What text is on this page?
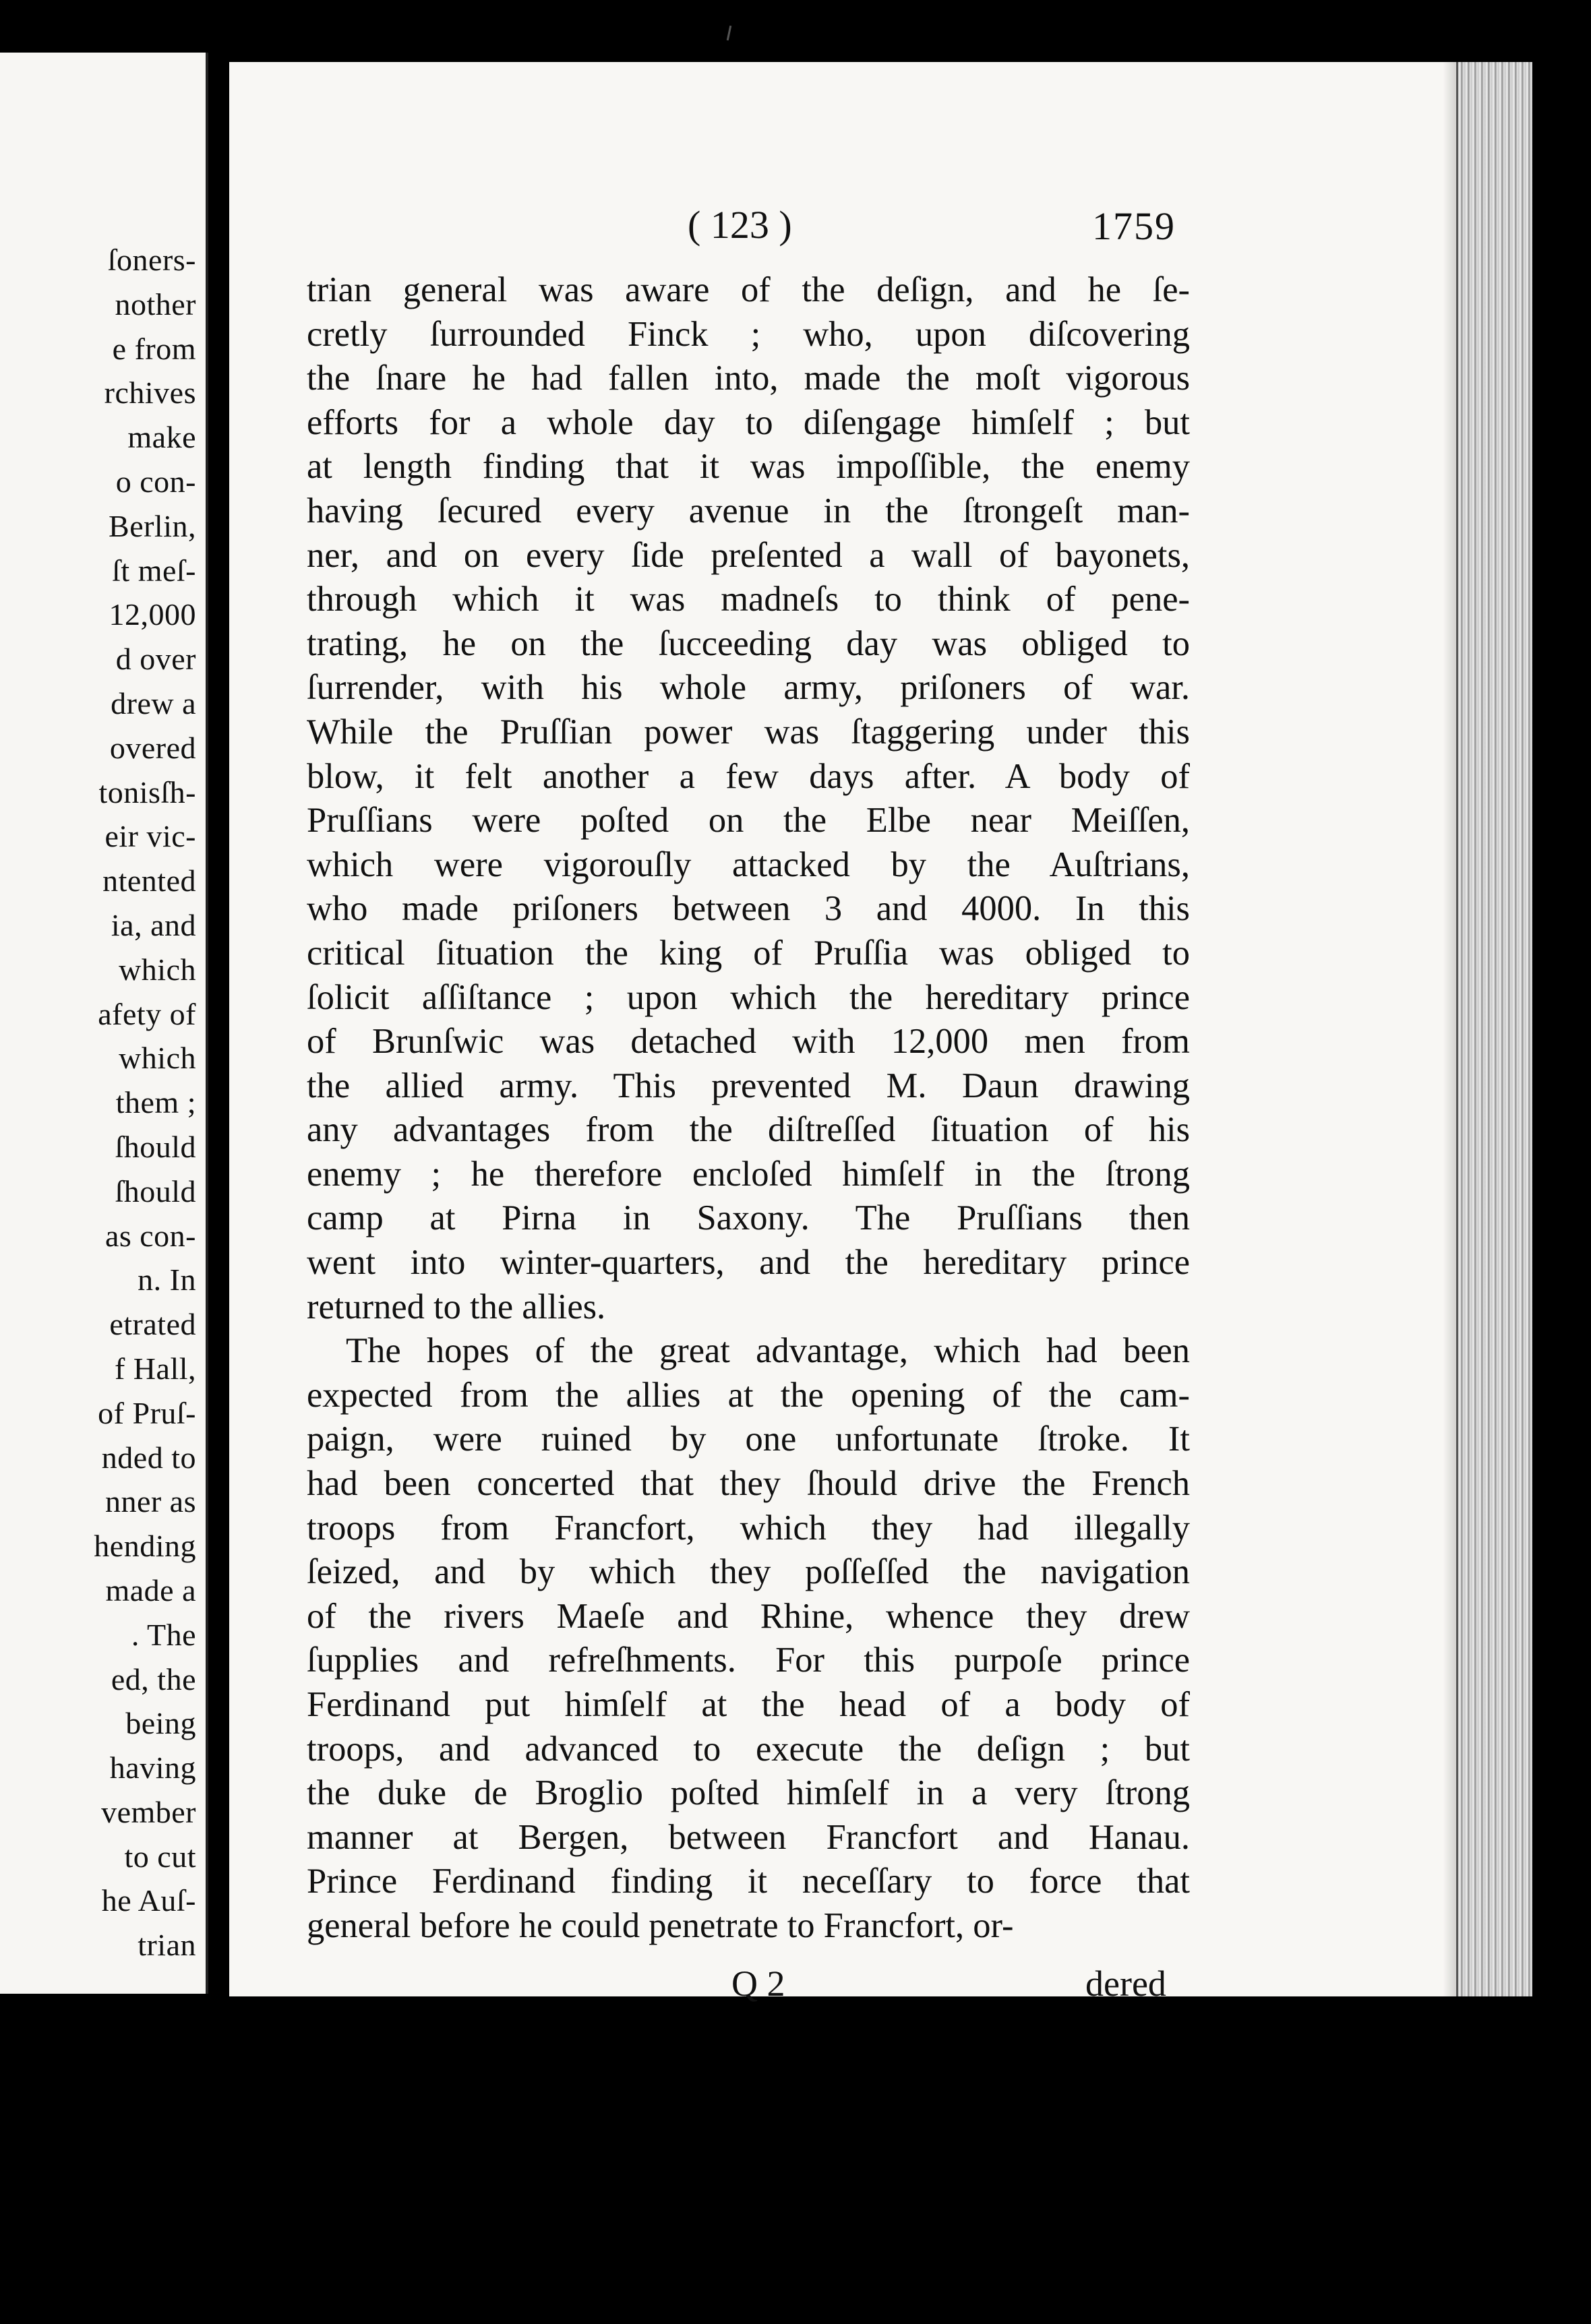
ſoners-
nother
e from
rchives
make
o con-
Berlin,
ſt meſ-
12,000
d over
drew a
overed
tonisſh-
eir vic-
ntented
ia, and
which
afety of
which
them ;
ſhould
ſhould
as con-
n. In
etrated
f Hall,
of Pruſ-
nded to
nner as
hending
made a
. The
ed, the
being
having
vember
to cut
he Auſ-
trian
( 123 )	1759
trian general was aware of the deſign, and he ſe-
cretly ſurrounded Finck ; who, upon diſcovering
the ſnare he had fallen into, made the moſt vigorous
efforts for a whole day to diſengage himſelf ; but
at length finding that it was impoſſible, the enemy
having ſecured every avenue in the ſtrongeſt man-
ner, and on every ſide preſented a wall of bayonets,
through which it was madneſs to think of pene-
trating, he on the ſucceeding day was obliged to
ſurrender, with his whole army, priſoners of war.
While the Pruſſian power was ſtaggering under this
blow, it felt another a few days after. A body of
Pruſſians were poſted on the Elbe near Meiſſen,
which were vigorouſly attacked by the Auſtrians,
who made priſoners between 3 and 4000. In this
critical ſituation the king of Pruſſia was obliged to
ſolicit aſſiſtance ; upon which the hereditary prince
of Brunſwic was detached with 12,000 men from
the allied army. This prevented M. Daun drawing
any advantages from the diſtreſſed ſituation of his
enemy ; he therefore encloſed himſelf in the ſtrong
camp at Pirna in Saxony. The Pruſſians then
went into winter-quarters, and the hereditary prince
returned to the allies.
The hopes of the great advantage, which had been
expected from the allies at the opening of the cam-
paign, were ruined by one unfortunate ſtroke. It
had been concerted that they ſhould drive the French
troops from Francfort, which they had illegally
ſeized, and by which they poſſeſſed the navigation
of the rivers Maeſe and Rhine, whence they drew
ſupplies and refreſhments. For this purpoſe prince
Ferdinand put himſelf at the head of a body of
troops, and advanced to execute the deſign ; but
the duke de Broglio poſted himſelf in a very ſtrong
manner at Bergen, between Francfort and Hanau.
Prince Ferdinand finding it neceſſary to force that
general before he could penetrate to Francfort, or-
Q 2	dered
